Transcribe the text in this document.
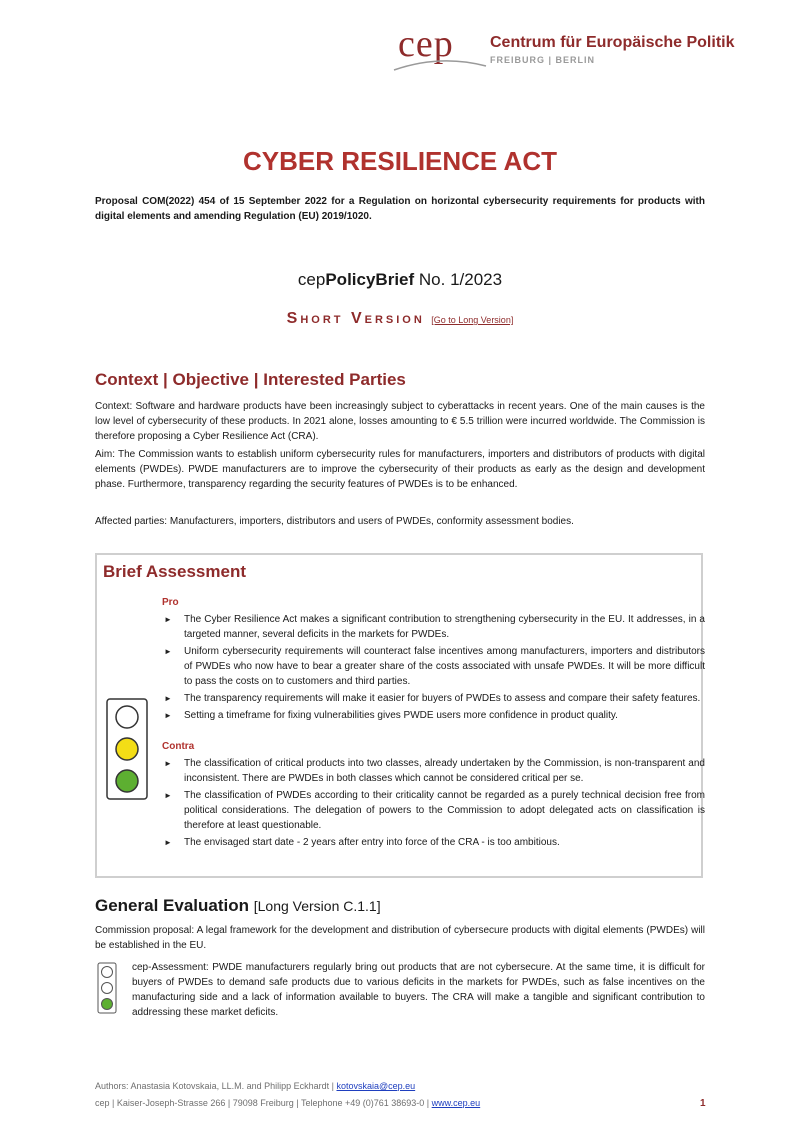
cep Centrum für Europäische Politik
FREIBURG | BERLIN
CYBER RESILIENCE ACT
Proposal COM(2022) 454 of 15 September 2022 for a Regulation on horizontal cybersecurity requirements for products with digital elements and amending Regulation (EU) 2019/1020.
cepPolicyBrief No. 1/2023
Short Version [Go to Long Version]
Context | Objective | Interested Parties
Context: Software and hardware products have been increasingly subject to cyberattacks in recent years. One of the main causes is the low level of cybersecurity of these products. In 2021 alone, losses amounting to € 5.5 trillion were incurred worldwide. The Commission is therefore proposing a Cyber Resilience Act (CRA).
Aim: The Commission wants to establish uniform cybersecurity rules for manufacturers, importers and distributors of products with digital elements (PWDEs). PWDE manufacturers are to improve the cybersecurity of their products as early as the design and development phase. Furthermore, transparency regarding the security features of PWDEs is to be enhanced.
Affected parties: Manufacturers, importers, distributors and users of PWDEs, conformity assessment bodies.
Brief Assessment
Pro
► The Cyber Resilience Act makes a significant contribution to strengthening cybersecurity in the EU. It addresses, in a targeted manner, several deficits in the markets for PWDEs.
► Uniform cybersecurity requirements will counteract false incentives among manufacturers, importers and distributors of PWDEs who now have to bear a greater share of the costs associated with unsafe PWDEs. It will be more difficult to pass the costs on to customers and third parties.
► The transparency requirements will make it easier for buyers of PWDEs to assess and compare their safety features.
► Setting a timeframe for fixing vulnerabilities gives PWDE users more confidence in product quality.
Contra
► The classification of critical products into two classes, already undertaken by the Commission, is non-transparent and inconsistent. There are PWDEs in both classes which cannot be considered critical per se.
► The classification of PWDEs according to their criticality cannot be regarded as a purely technical decision free from political considerations. The delegation of powers to the Commission to adopt delegated acts on classification is therefore at least questionable.
► The envisaged start date - 2 years after entry into force of the CRA - is too ambitious.
General Evaluation [Long Version C.1.1]
Commission proposal: A legal framework for the development and distribution of cybersecure products with digital elements (PWDEs) will be established in the EU.
cep-Assessment: PWDE manufacturers regularly bring out products that are not cybersecure. At the same time, it is difficult for buyers of PWDEs to demand safe products due to various deficits in the markets for PWDEs, such as false incentives on the manufacturing side and a lack of information available to buyers. The CRA will make a tangible and significant contribution to addressing these market deficits.
Authors: Anastasia Kotovskaia, LL.M. and Philipp Eckhardt | kotovskaia@cep.eu
cep | Kaiser-Joseph-Strasse 266 | 79098 Freiburg | Telephone +49 (0)761 38693-0 | www.cep.eu	1
